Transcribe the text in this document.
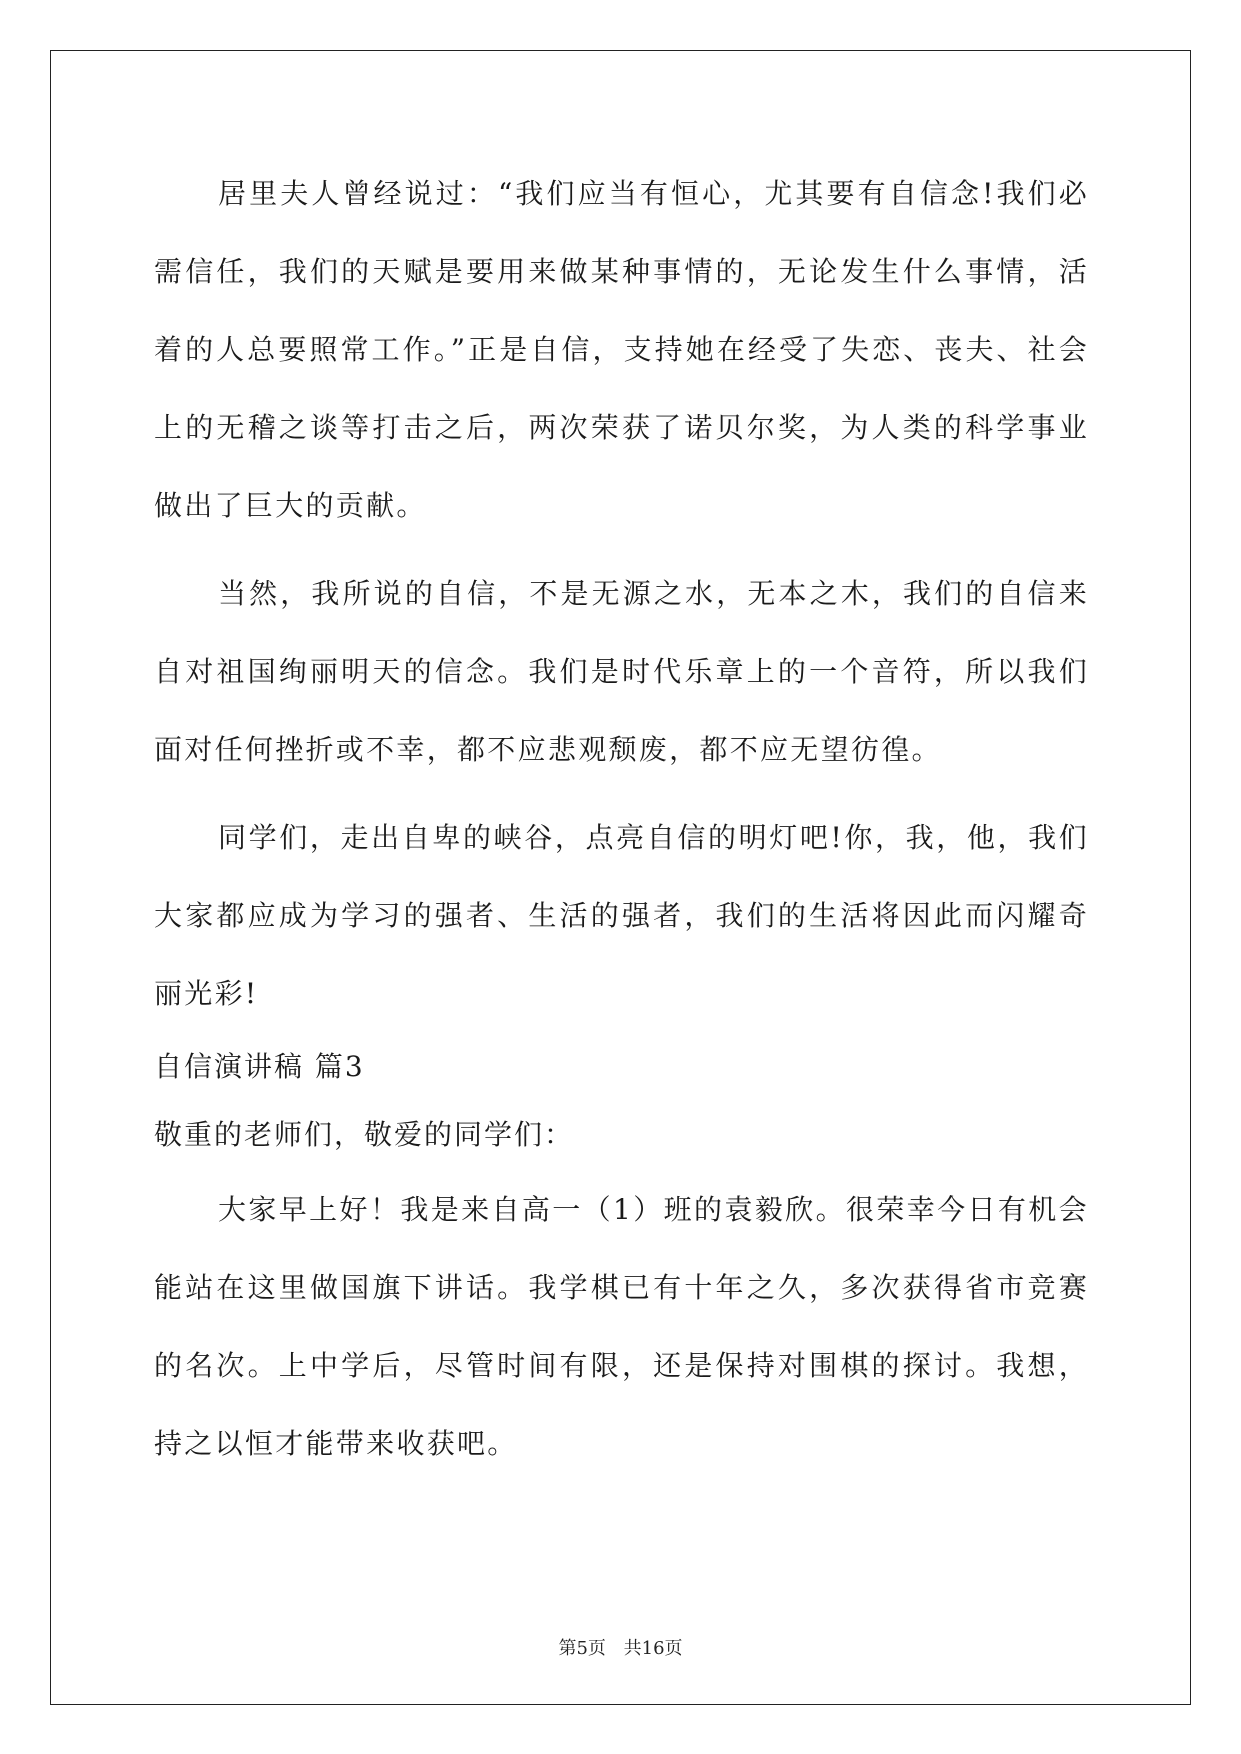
居里夫人曾经说过：“我们应当有恒心，尤其要有自信念!我们必需信任，我们的天赋是要用来做某种事情的，无论发生什么事情，活着的人总要照常工作。”正是自信，支持她在经受了失恋、丧夫、社会上的无稽之谈等打击之后，两次荣获了诺贝尔奖，为人类的科学事业做出了巨大的贡献。

当然，我所说的自信，不是无源之水，无本之木，我们的自信来自对祖国绚丽明天的信念。我们是时代乐章上的一个音符，所以我们面对任何挫折或不幸，都不应悲观颓废，都不应无望彷徨。

同学们，走出自卑的峡谷，点亮自信的明灯吧!你，我，他，我们大家都应成为学习的强者、生活的强者，我们的生活将因此而闪耀奇丽光彩!

自信演讲稿 篇3

敬重的老师们，敬爱的同学们：

大家早上好！我是来自高一（1）班的袁毅欣。很荣幸今日有机会能站在这里做国旗下讲话。我学棋已有十年之久，多次获得省市竞赛的名次。上中学后，尽管时间有限，还是保持对围棋的探讨。我想，持之以恒才能带来收获吧。

第5页 共16页
